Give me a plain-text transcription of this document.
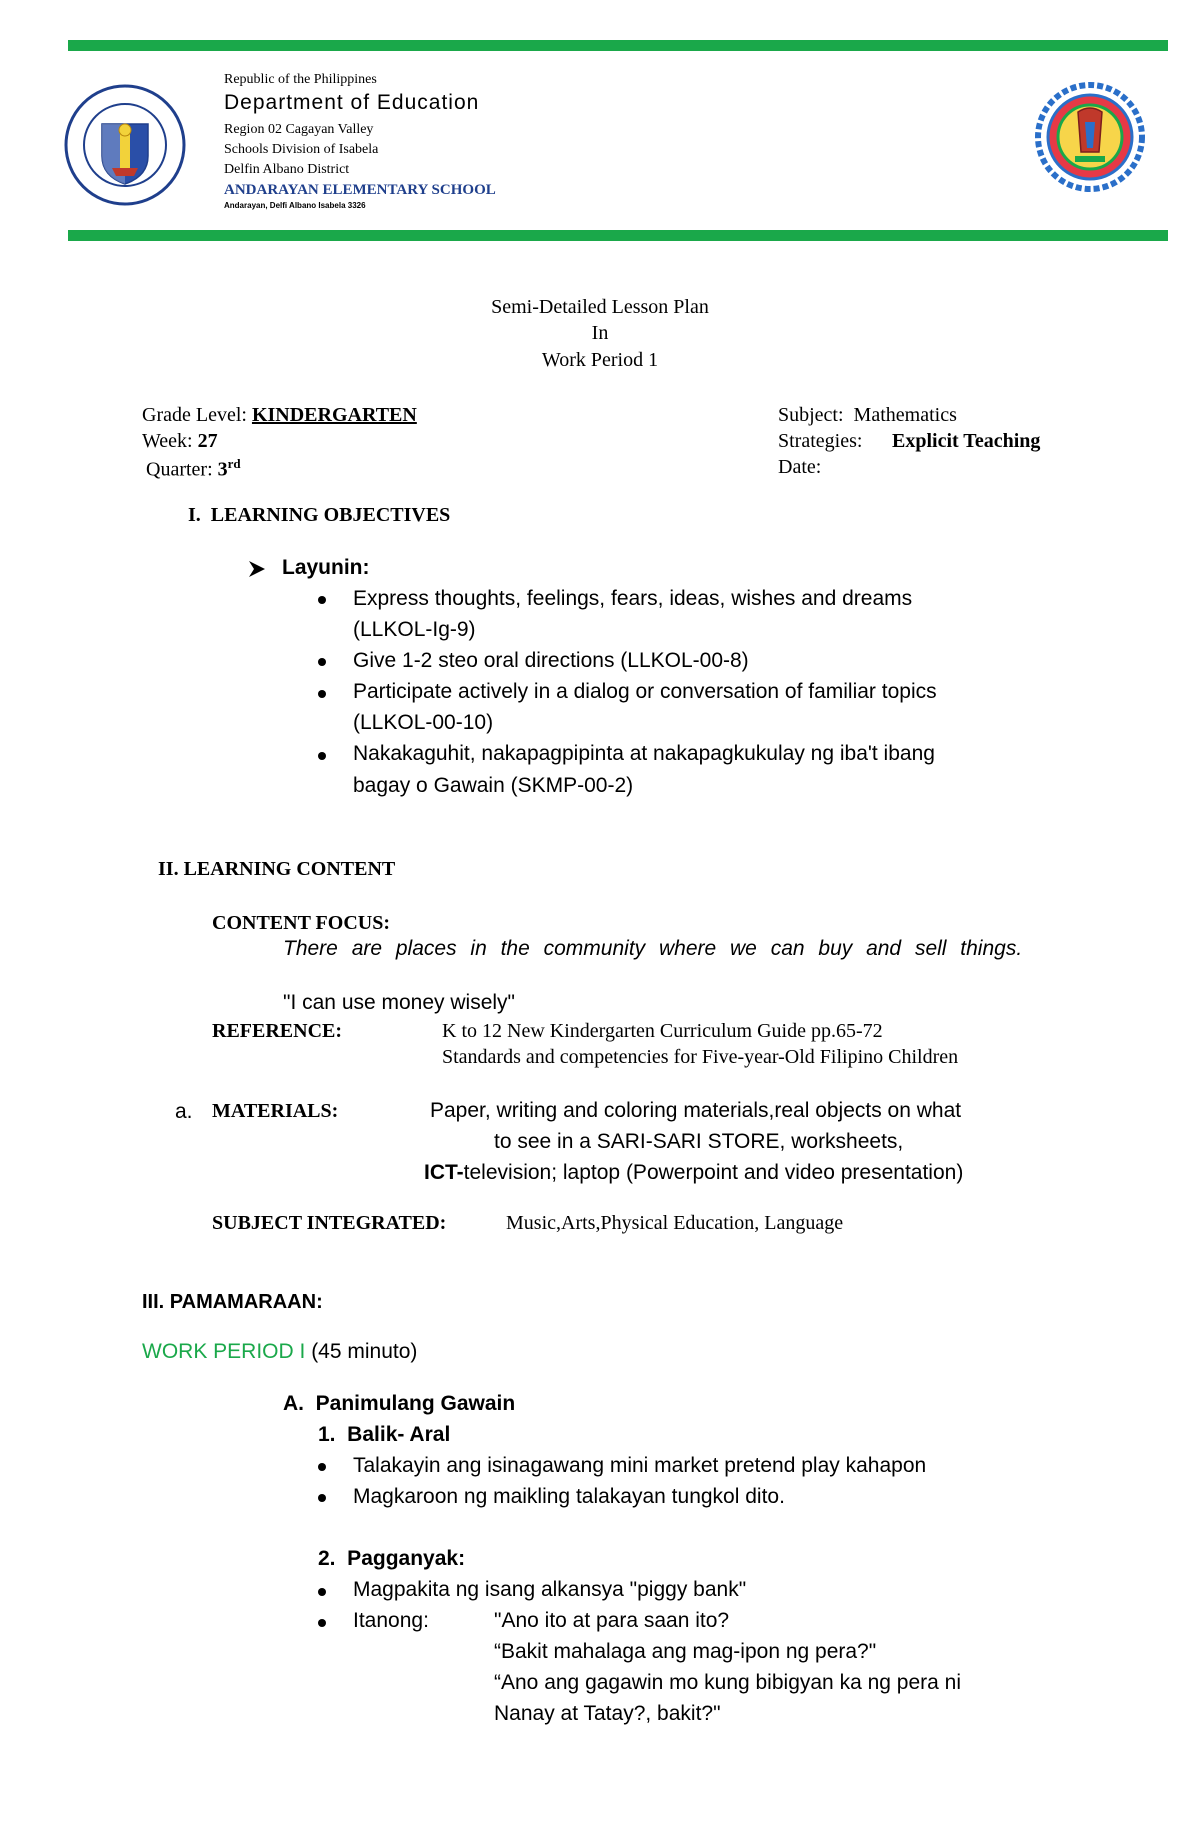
Republic of the Philippines
Department of Education
Region 02 Cagayan Valley
Schools Division of Isabela
Delfin Albano District
ANDARAYAN ELEMENTARY SCHOOL
Andarayan, Delfi Albano Isabela 3326
Semi-Detailed Lesson Plan
In
Work Period 1
Grade Level: KINDERGARTEN
Week: 27
Quarter: 3rd
Subject: Mathematics
Strategies: Explicit Teaching
Date:
I.  LEARNING OBJECTIVES
Layunin:
Express thoughts, feelings, fears, ideas, wishes and dreams
(LLKOL-Ig-9)
Give 1-2 steo oral directions (LLKOL-00-8)
Participate actively in a dialog or conversation of familiar topics
(LLKOL-00-10)
Nakakaguhit, nakapagpipinta at nakapagkukulay ng iba't ibang
bagay o Gawain (SKMP-00-2)
II. LEARNING CONTENT
CONTENT FOCUS:
There are places in the community where we can buy and sell things.
"I can use money wisely"
REFERENCE:	K to 12 New Kindergarten Curriculum Guide pp.65-72
Standards and competencies for Five-year-Old Filipino Children
a. MATERIALS:	Paper, writing and coloring materials,real objects on what
to see in a SARI-SARI STORE, worksheets,
ICT-television; laptop (Powerpoint and video presentation)
SUBJECT INTEGRATED:	Music,Arts,Physical Education, Language
III. PAMAMARAAN:
WORK PERIOD I (45 minuto)
A.  Panimulang Gawain
1.  Balik- Aral
Talakayin ang isinagawang mini market pretend play kahapon
Magkaroon ng maikling talakayan tungkol dito.
2.  Pagganyak:
Magpakita ng isang alkansya "piggy bank"
Itanong:	"Ano ito at para saan ito?
“Bakit mahalaga ang mag-ipon ng pera?"
“Ano ang gagawin mo kung bibigyan ka ng pera ni
Nanay at Tatay?, bakit?"
